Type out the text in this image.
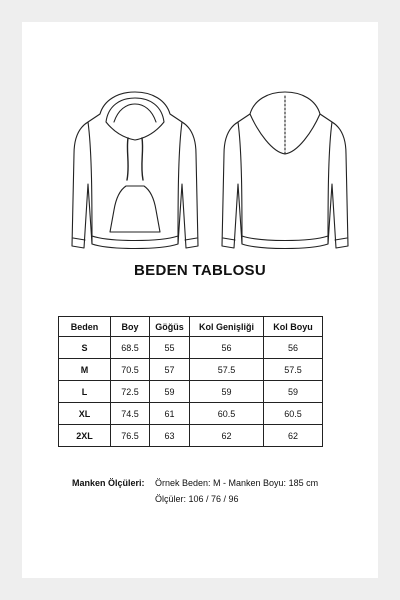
BEDEN TABLOSU
Beden	Boy	Göğüs	Kol Genişliği	Kol Boyu
S	68.5	55	56	56
M	70.5	57	57.5	57.5
L	72.5	59	59	59
XL	74.5	61	60.5	60.5
2XL	76.5	63	62	62
Manken Ölçüleri: Örnek Beden: M - Manken Boyu: 185 cm
Ölçüler: 106 / 76 / 96
